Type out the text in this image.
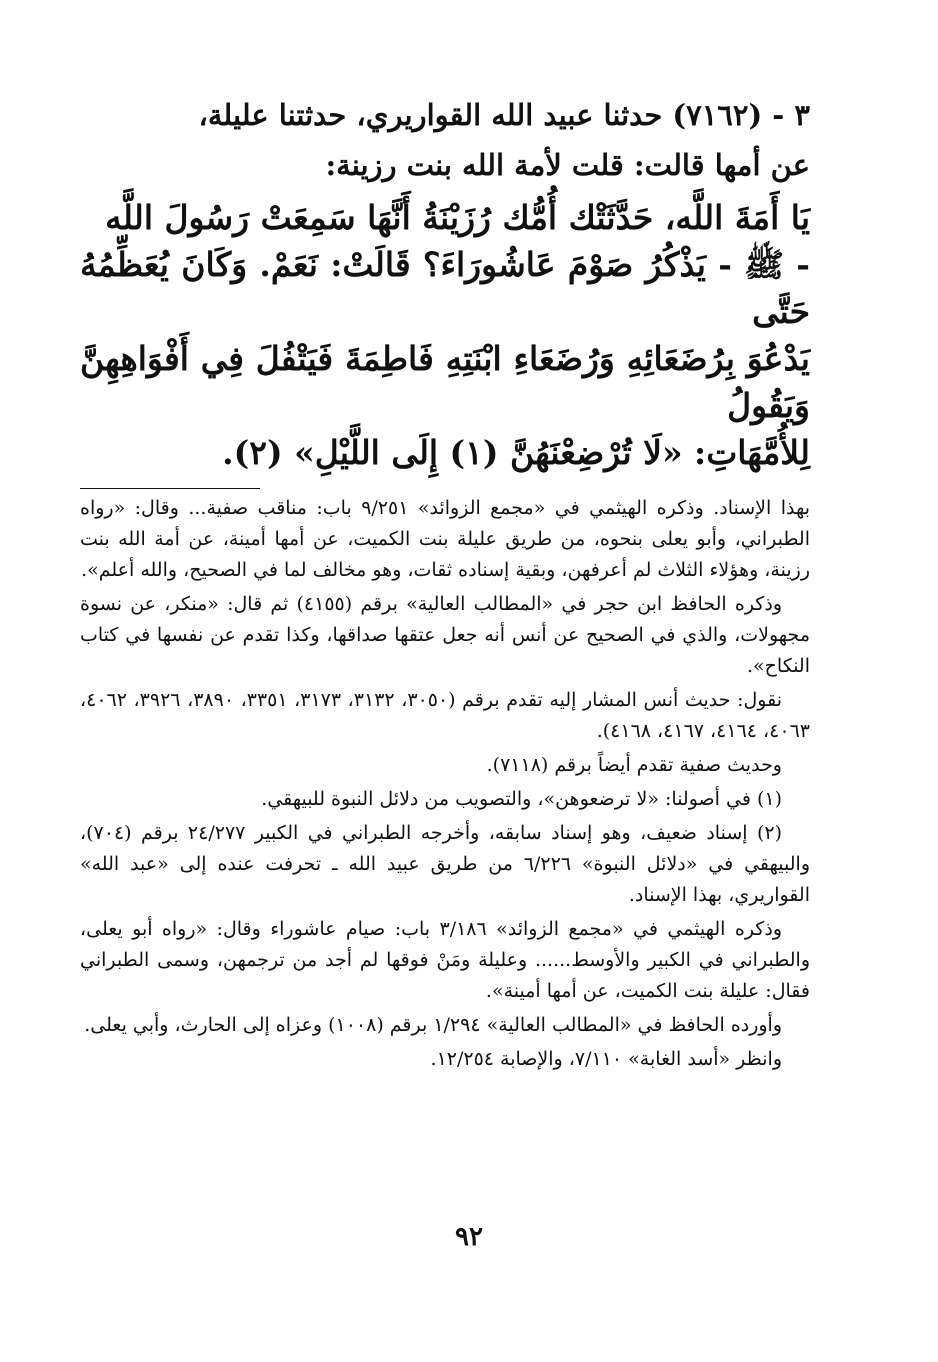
٣ - (٧١٦٢) حدثنا عبيد الله القواريري، حدثتنا عليلة،

عن أمها قالت: قلت لأمة الله بنت رزينة:

يَا أَمَةَ اللَّه، حَدَّثَتْك أُمُّك رُزَيْنَةُ أَنَّهَا سَمِعَتْ رَسُولَ اللَّه

- ﷺ - يَذْكُرُ صَوْمَ عَاشُورَاءَ؟ قَالَتْ: نَعَمْ. وَكَانَ يُعَظِّمُهُ حَتَّى

يَدْعُوَ بِرُضَعَائِهِ وَرُضَعَاءِ ابْنَتِهِ فَاطِمَةَ فَيَتْفُلَ فِي أَفْوَاهِهِنَّ وَيَقُولُ

لِلأُمَّهَاتِ: «لَا تُرْضِعْنَهُنَّ (١) إِلَى اللَّيْلِ» (٢).

بهذا الإسناد. وذكره الهيثمي في «مجمع الزوائد» ٩/٢٥١ باب: مناقب صفية... وقال: «رواه الطبراني، وأبو يعلى بنحوه، من طريق عليلة بنت الكميت، عن أمها أمينة، عن أمة الله بنت رزينة، وهؤلاء الثلاث لم أعرفهن، وبقية إسناده ثقات، وهو مخالف لما في الصحيح، والله أعلم».

وذكره الحافظ ابن حجر في «المطالب العالية» برقم (٤١٥٥) ثم قال: «منكر، عن نسوة مجهولات، والذي في الصحيح عن أنس أنه جعل عتقها صداقها، وكذا تقدم عن نفسها في كتاب النكاح».

نقول: حديث أنس المشار إليه تقدم برقم (٣٠٥٠، ٣١٣٢، ٣١٧٣، ٣٣٥١، ٣٨٩٠، ٣٩٢٦، ٤٠٦٢، ٤٠٦٣، ٤١٦٤، ٤١٦٧، ٤١٦٨).

وحديث صفية تقدم أيضاً برقم (٧١١٨).

(١) في أصولنا: «لا ترضعوهن»، والتصويب من دلائل النبوة للبيهقي.

(٢) إسناد ضعيف، وهو إسناد سابقه، وأخرجه الطبراني في الكبير ٢٤/٢٧٧ برقم (٧٠٤)، والبيهقي في «دلائل النبوة» ٦/٢٢٦ من طريق عبيد الله ـ تحرفت عنده إلى «عبد الله» القواريري، بهذا الإسناد.

وذكره الهيثمي في «مجمع الزوائد» ٣/١٨٦ باب: صيام عاشوراء وقال: «رواه أبو يعلى، والطبراني في الكبير والأوسط...... وعليلة ومَنْ فوقها لم أجد من ترجمهن، وسمى الطبراني فقال: عليلة بنت الكميت، عن أمها أمينة».

وأورده الحافظ في «المطالب العالية» ١/٢٩٤ برقم (١٠٠٨) وعزاه إلى الحارث، وأبي يعلى.

وانظر «أسد الغابة» ٧/١١٠، والإصابة ١٢/٢٥٤.

٩٢
